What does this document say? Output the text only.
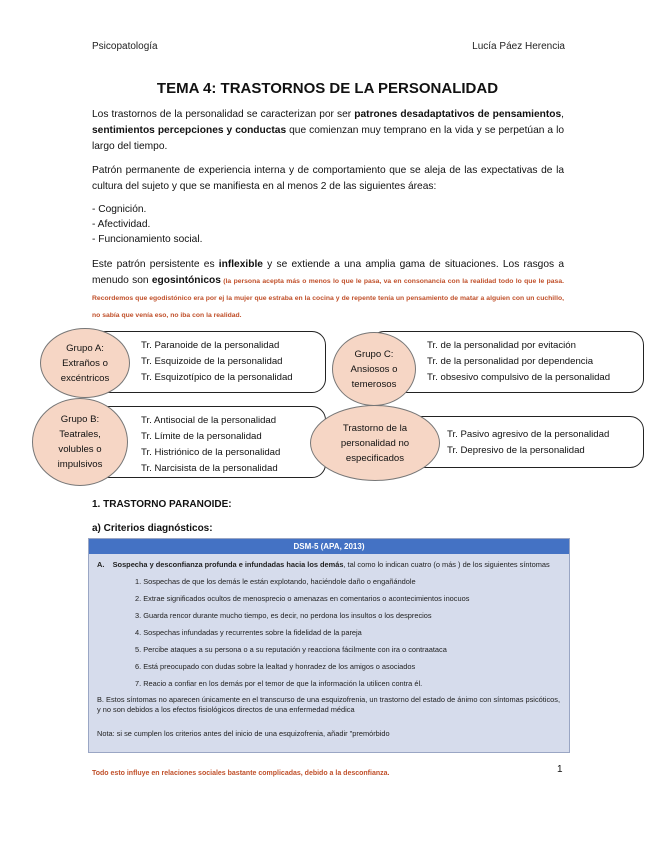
Psicopatología	Lucía Páez Herencia
TEMA 4: TRASTORNOS DE LA PERSONALIDAD
Los trastornos de la personalidad se caracterizan por ser patrones desadaptativos de pensamientos, sentimientos percepciones y conductas que comienzan muy temprano en la vida y se perpetúan a lo largo del tiempo.
Patrón permanente de experiencia interna y de comportamiento que se aleja de las expectativas de la cultura del sujeto y que se manifiesta en al menos 2 de las siguientes áreas:
- Cognición.
- Afectividad.
- Funcionamiento social.
Este patrón persistente es inflexible y se extiende a una amplia gama de situaciones. Los rasgos a menudo son egosintónicos (la persona acepta más o menos lo que le pasa, va en consonancia con la realidad todo lo que le pasa. Recordemos que egodistónico era por ej la mujer que estraba en la cocina y de repente tenía un pensamiento de matar a alguien con un cuchillo, no sabía que venía eso, no iba con la realidad.
Tr. Paranoide de la personalidad
Tr. Esquizoide de la personalidad
Tr. Esquizotípico de la personalidad
Grupo A:
Extraños o
excéntricos
Tr. de la personalidad por evitación
Tr. de la personalidad por dependencia
Tr. obsesivo compulsivo de la personalidad
Grupo C:
Ansiosos o
temerosos
Tr. Antisocial de la personalidad
Tr. Límite de la personalidad
Tr. Histriónico de la personalidad
Tr. Narcisista de la personalidad
Grupo B:
Teatrales,
volubles o
impulsivos
Tr. Pasivo agresivo de la personalidad
Tr. Depresivo de la personalidad
Trastorno de la
personalidad no
especificados
1. TRASTORNO PARANOIDE:
a) Criterios diagnósticos:
DSM-5 (APA, 2013)
A. Sospecha y desconfianza profunda e infundadas hacia los demás, tal como lo indican cuatro (o más ) de los siguientes síntomas
1. Sospechas de que los demás le están explotando, haciéndole daño o engañándole
2. Extrae significados ocultos de menosprecio o amenazas en comentarios o acontecimientos inocuos
3. Guarda rencor durante mucho tiempo, es decir, no perdona los insultos o los desprecios
4. Sospechas infundadas y recurrentes sobre la fidelidad de la pareja
5. Percibe ataques a su persona o a su reputación y reacciona fácilmente con ira o contraataca
6. Está preocupado con dudas sobre la lealtad y honradez de los amigos o asociados
7. Reacio a confiar en los demás por el temor de que la información la utilicen contra él.
B. Estos síntomas no aparecen únicamente en el transcurso de una esquizofrenia, un trastorno del estado de ánimo con síntomas psicóticos, y no son debidos a los efectos fisiológicos directos de una enfermedad médica
Nota: si se cumplen los criterios antes del inicio de una esquizofrenia, añadir "premórbido
1
Todo esto influye en relaciones sociales bastante complicadas, debido a la desconfianza.
